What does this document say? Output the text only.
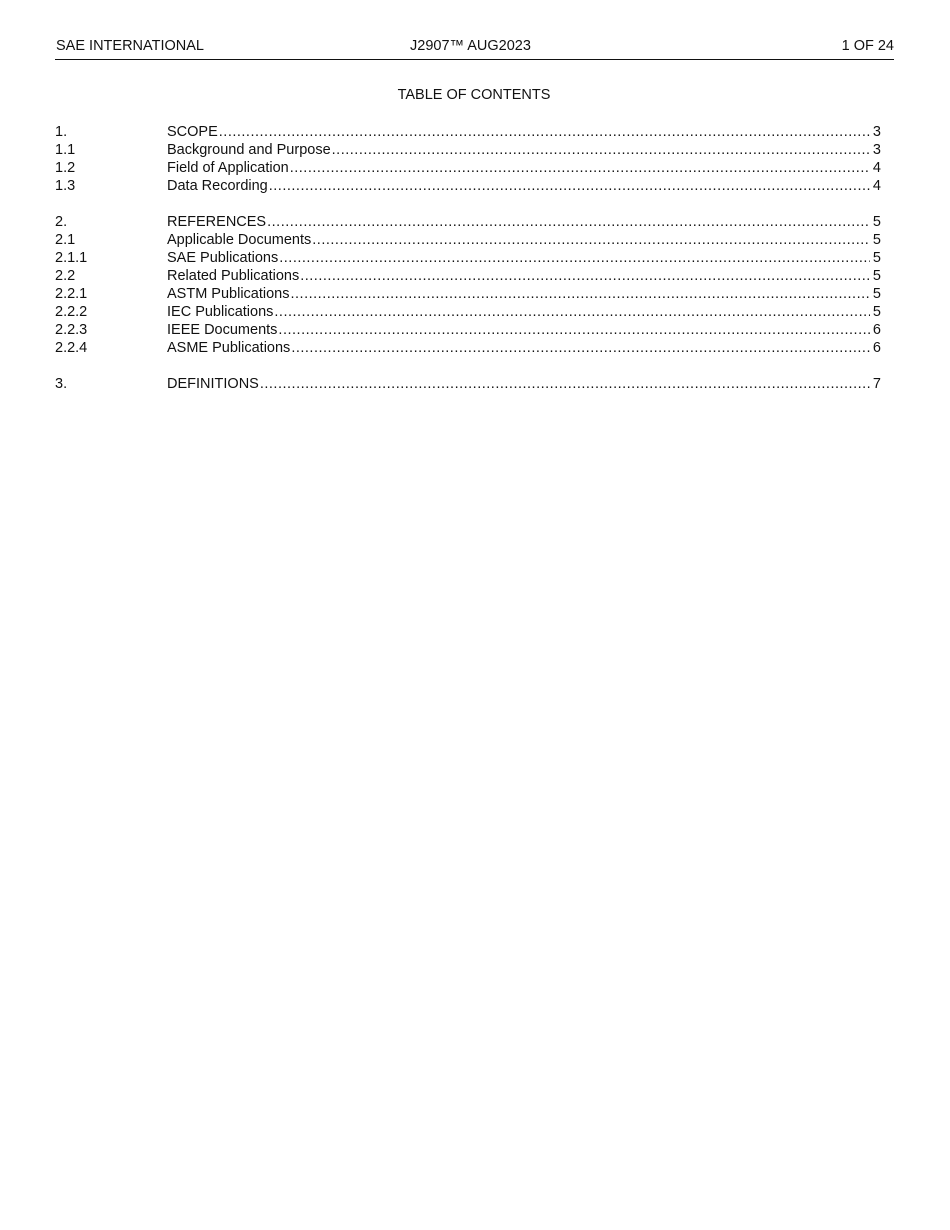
SAE INTERNATIONAL	J2907™ AUG2023	1 OF 24
TABLE OF CONTENTS
1.	SCOPE .....	3
1.1	Background and Purpose .....	3
1.2	Field of Application .....	4
1.3	Data Recording .....	4
2.	REFERENCES .....	5
2.1	Applicable Documents .....	5
2.1.1	SAE Publications .....	5
2.2	Related Publications .....	5
2.2.1	ASTM Publications .....	5
2.2.2	IEC Publications .....	5
2.2.3	IEEE Documents .....	6
2.2.4	ASME Publications .....	6
3.	DEFINITIONS .....	7
